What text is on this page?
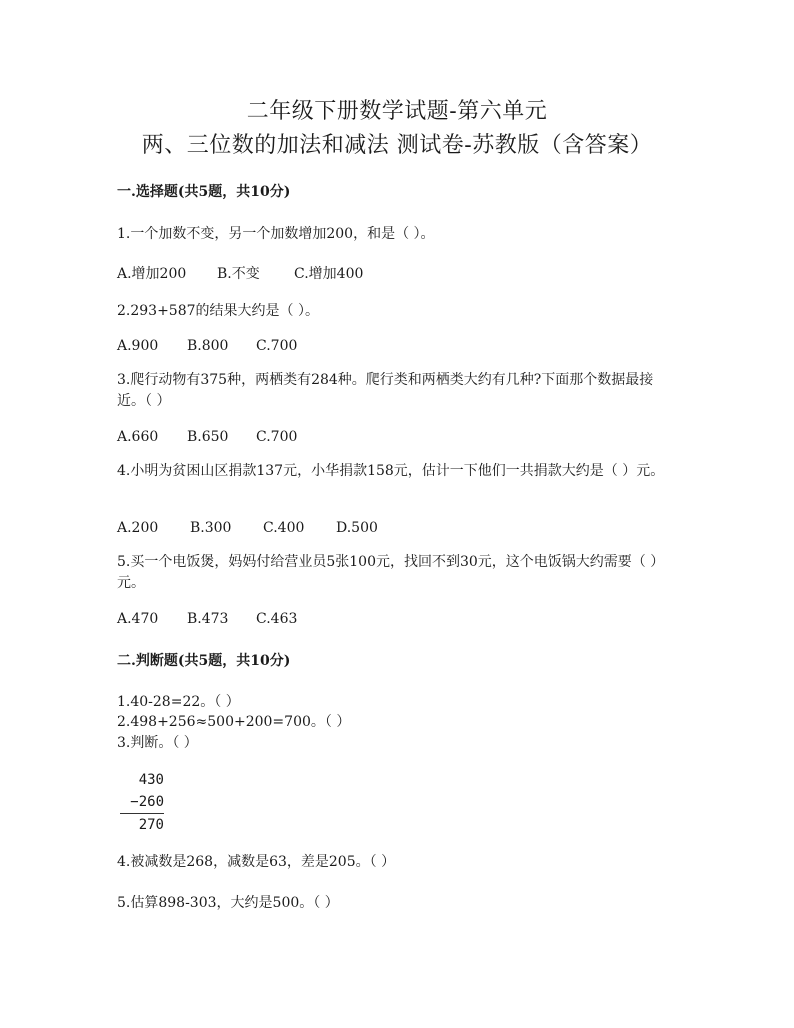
二年级下册数学试题-第六单元
两、三位数的加法和减法 测试卷-苏教版（含答案）
一.选择题(共5题，共10分)
1.一个加数不变，另一个加数增加200，和是（ ）。
A.增加200 B.不变 C.增加400
2.293+587的结果大约是（ ）。
A.900 B.800 C.700
3.爬行动物有375种，两栖类有284种。爬行类和两栖类大约有几种?下面那个数据最接近。（ ）
A.660 B.650 C.700
4.小明为贫困山区捐款137元，小华捐款158元，估计一下他们一共捐款大约是（ ）元。
A.200 B.300 C.400 D.500
5.买一个电饭煲，妈妈付给营业员5张100元，找回不到30元，这个电饭锅大约需要（ ）元。
A.470 B.473 C.463
二.判断题(共5题，共10分)
1.40-28=22。（ ）
2.498+256≈500+200=700。（ ）
3.判断。（ ）
430
−260
270
4.被减数是268，减数是63，差是205。（ ）
5.估算898-303，大约是500。（ ）
